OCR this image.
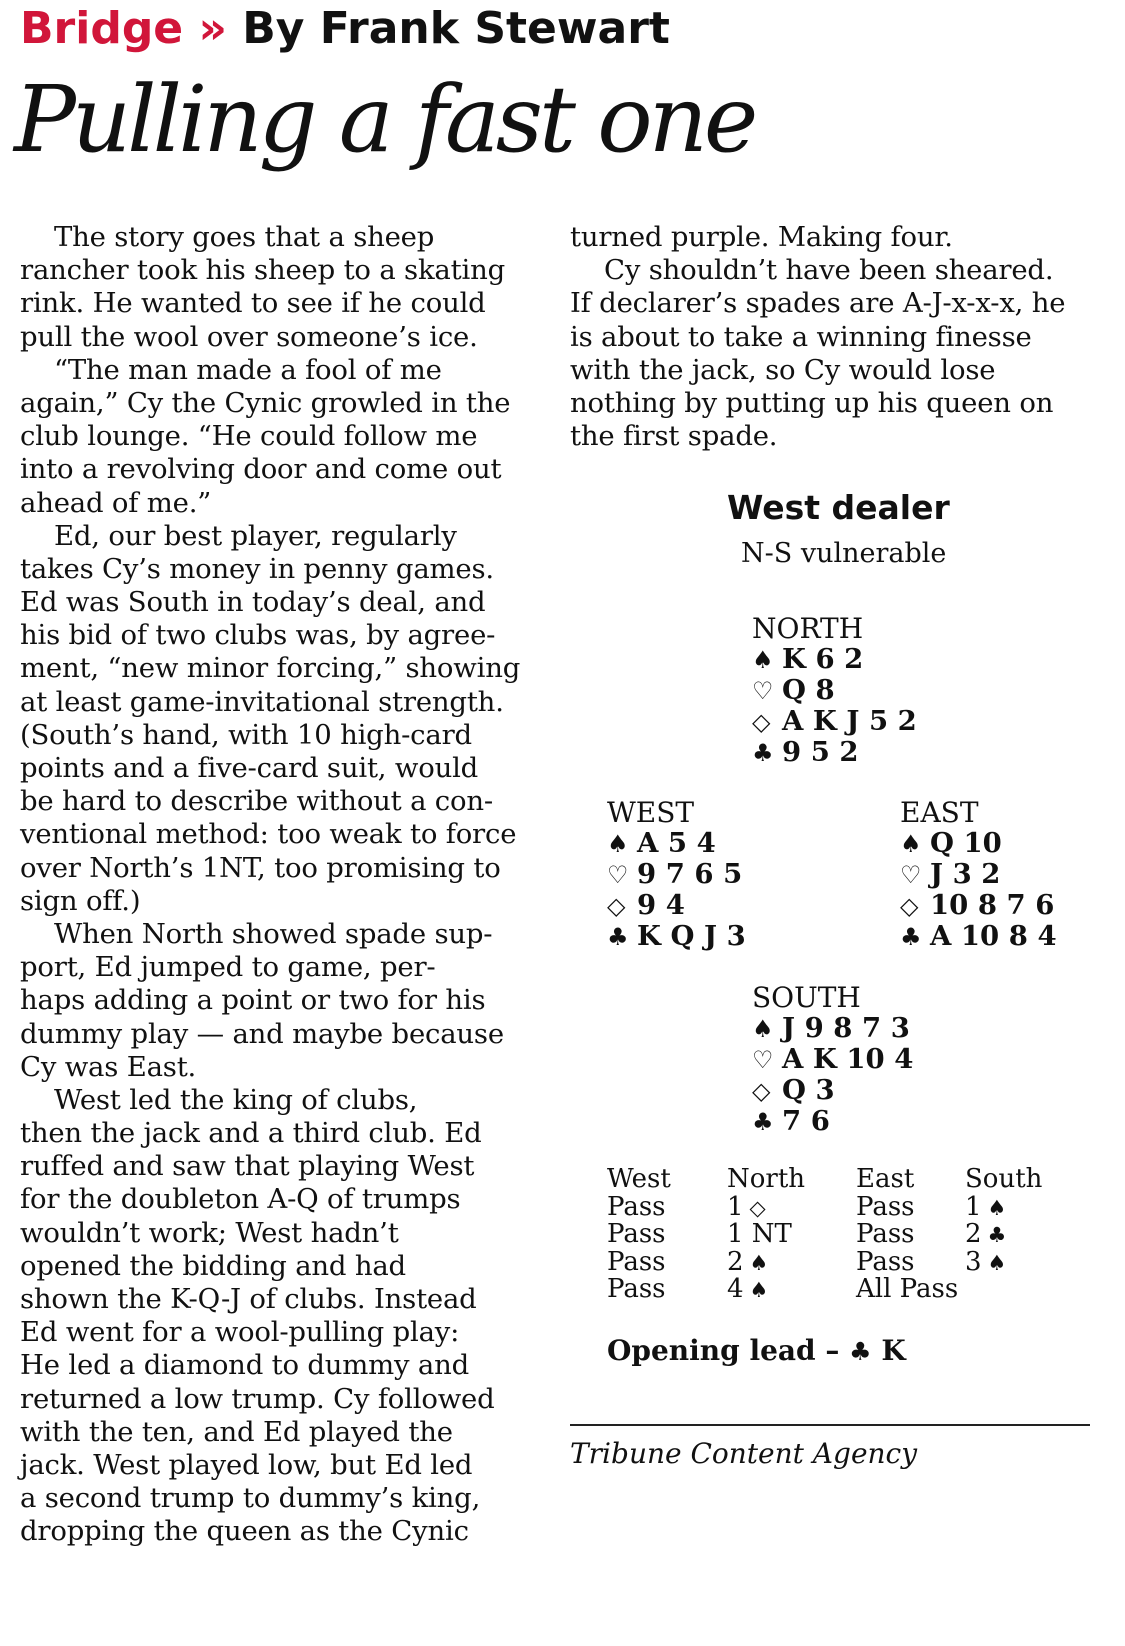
Bridge » By Frank Stewart
Pulling a fast one
The story goes that a sheep
rancher took his sheep to a skating
rink. He wanted to see if he could
pull the wool over someone’s ice.
“The man made a fool of me
again,” Cy the Cynic growled in the
club lounge. “He could follow me
into a revolving door and come out
ahead of me.”
Ed, our best player, regularly
takes Cy’s money in penny games.
Ed was South in today’s deal, and
his bid of two clubs was, by agree-
ment, “new minor forcing,” showing
at least game-invitational strength.
(South’s hand, with 10 high-card
points and a five-card suit, would
be hard to describe without a con-
ventional method: too weak to force
over North’s 1NT, too promising to
sign off.)
When North showed spade sup-
port, Ed jumped to game, per-
haps adding a point or two for his
dummy play — and maybe because
Cy was East.
West led the king of clubs,
then the jack and a third club. Ed
ruffed and saw that playing West
for the doubleton A-Q of trumps
wouldn’t work; West hadn’t
opened the bidding and had
shown the K-Q-J of clubs. Instead
Ed went for a wool-pulling play:
He led a diamond to dummy and
returned a low trump. Cy followed
with the ten, and Ed played the
jack. West played low, but Ed led
a second trump to dummy’s king,
dropping the queen as the Cynic
turned purple. Making four.
Cy shouldn’t have been sheared.
If declarer’s spades are A-J-x-x-x, he
is about to take a winning finesse
with the jack, so Cy would lose
nothing by putting up his queen on
the first spade.
West dealer
N-S vulnerable
NORTH
♠ K 6 2
♡ Q 8
◇ A K J 5 2
♣ 9 5 2
WEST
♠ A 5 4
♡ 9 7 6 5
◇ 9 4
♣ K Q J 3
EAST
♠ Q 10
♡ J 3 2
◇ 10 8 7 6
♣ A 10 8 4
SOUTH
♠ J 9 8 7 3
♡ A K 10 4
◇ Q 3
♣ 7 6
West
Pass
Pass
Pass
Pass
North
1 ◇
1 NT
2 ♠
4 ♠
East
Pass
Pass
Pass
All Pass
South
1 ♠
2 ♣
3 ♠
Opening lead – ♣ K
Tribune Content Agency
